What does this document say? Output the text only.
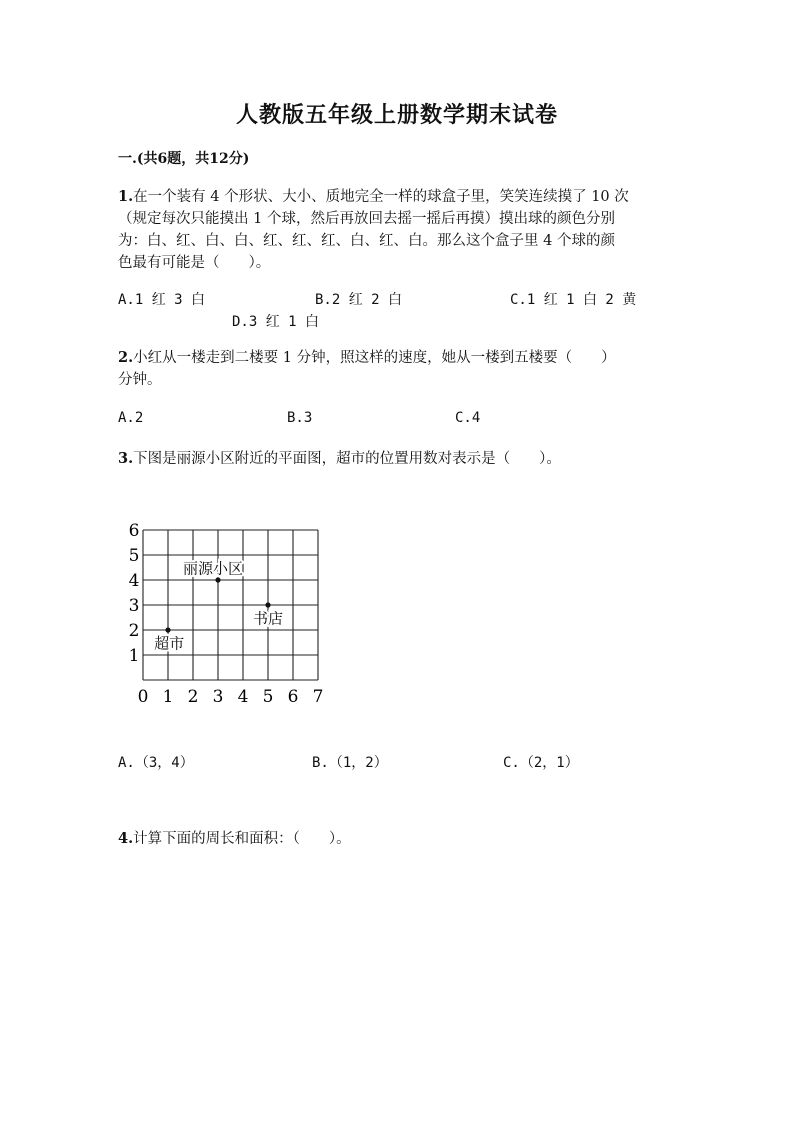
人教版五年级上册数学期末试卷
一.(共6题，共12分)
1.在一个装有 4 个形状、大小、质地完全一样的球盒子里，笑笑连续摸了 10 次
（规定每次只能摸出 1 个球，然后再放回去摇一摇后再摸）摸出球的颜色分别
为：白、红、白、白、红、红、红、白、红、白。那么这个盒子里 4 个球的颜
色最有可能是（　　）。
A.1 红 3 白	B.2 红 2 白	C.1 红 1 白 2 黄
D.3 红 1 白
2.小红从一楼走到二楼要 1 分钟，照这样的速度，她从一楼到五楼要（　　）
分钟。
A.2	B.3	C.4
3.下图是丽源小区附近的平面图，超市的位置用数对表示是（　　）。
0 1 2 3 4 5 6 7
1
2
3
4
5
6
丽源小区
书店
超市
A.（3，4）	B.（1，2）	C.（2，1）
4.计算下面的周长和面积：（　　）。
